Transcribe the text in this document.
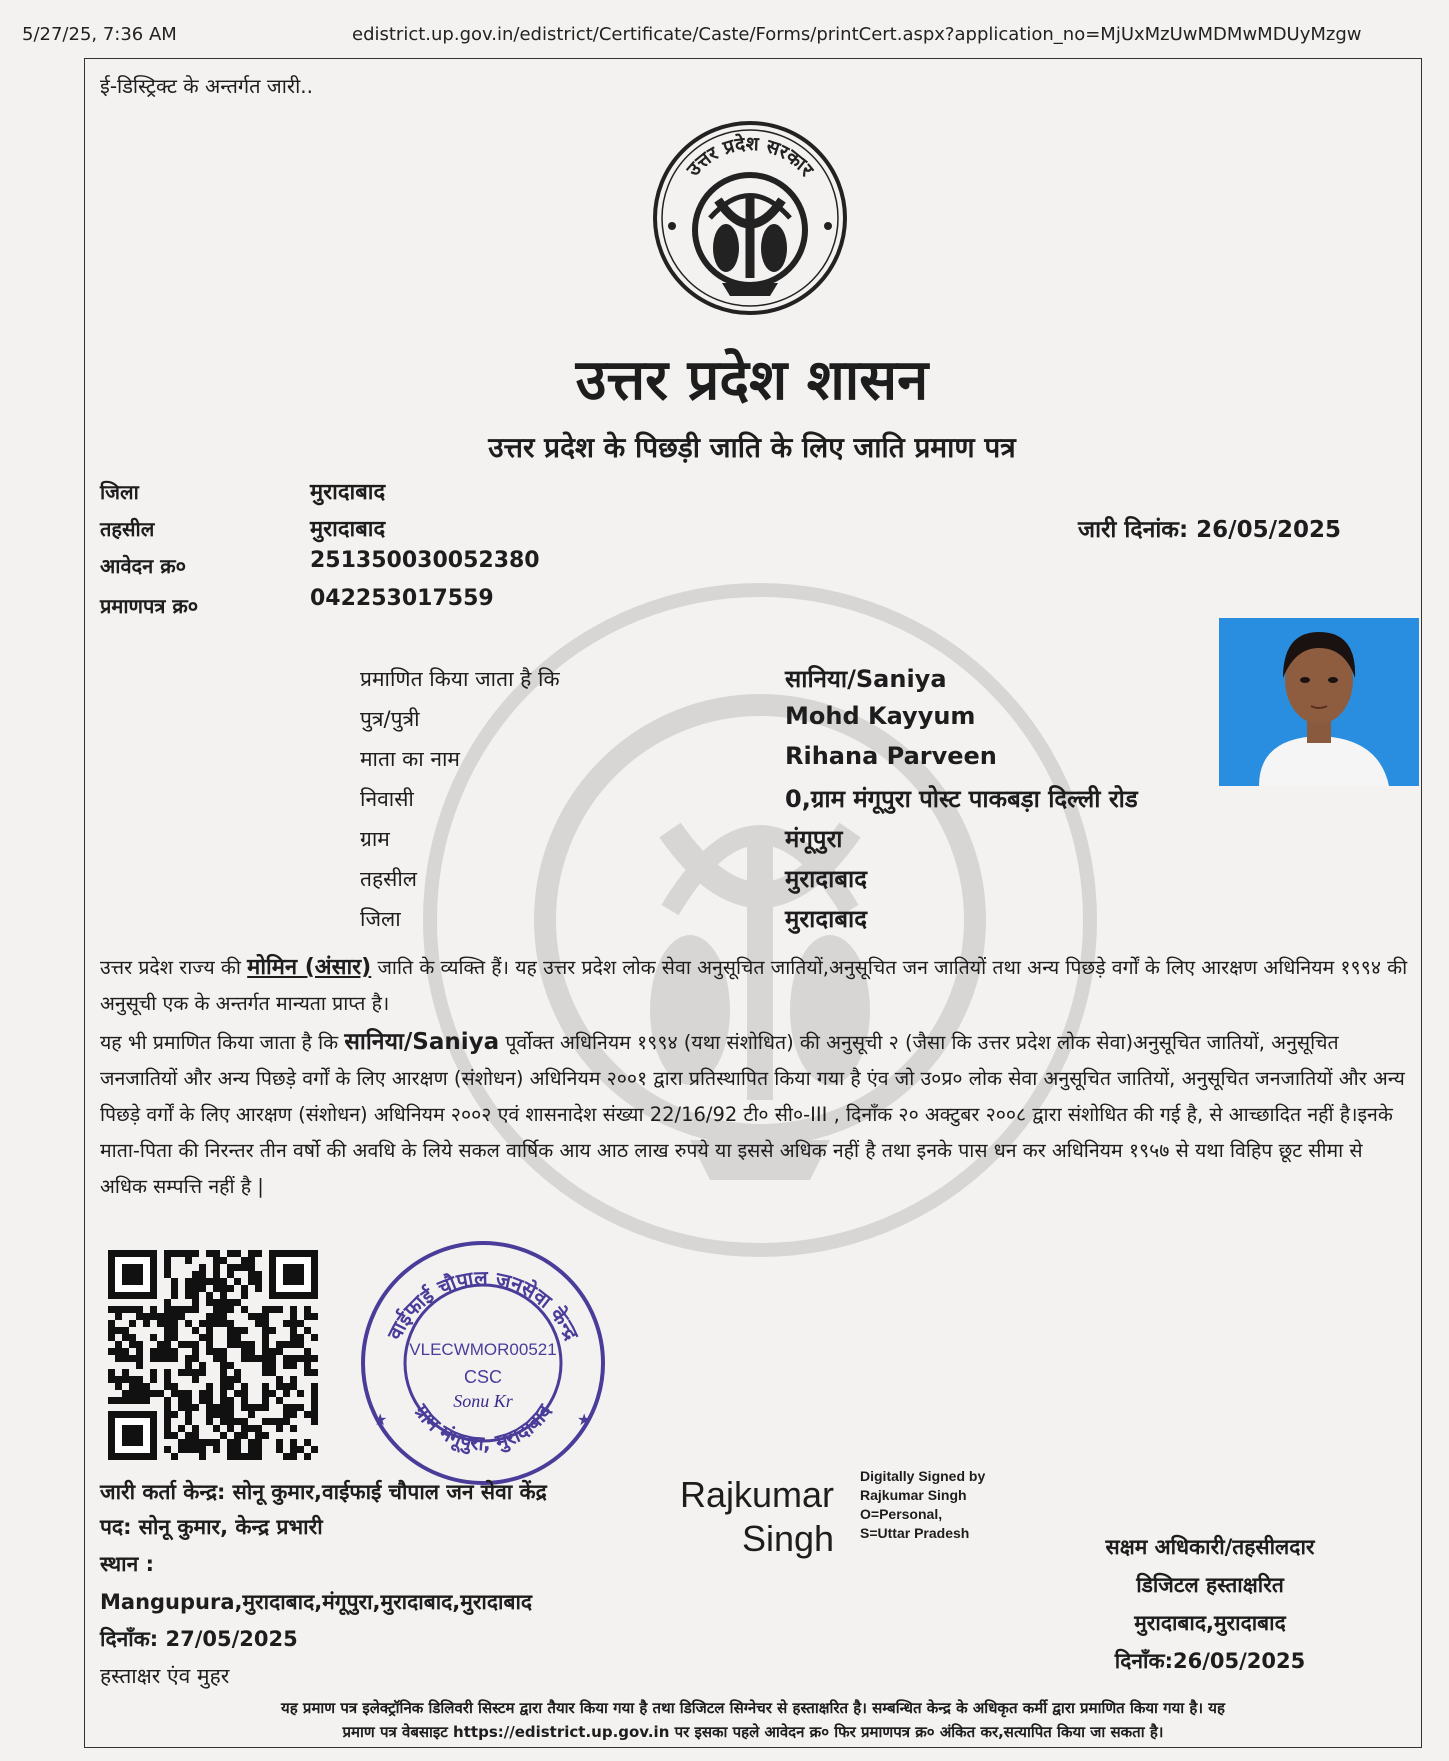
5/27/25, 7:36 AM	edistrict.up.gov.in/edistrict/Certificate/Caste/Forms/printCert.aspx?application_no=MjUxMzUwMDMwMDUyMzgw
ई-डिस्ट्रिक्ट के अन्तर्गत जारी..
उत्तर प्रदेश सरकार
उत्तर प्रदेश शासन
उत्तर प्रदेश के पिछड़ी जाति के लिए जाति प्रमाण पत्र
जिला	मुरादाबाद
तहसील	मुरादाबाद
आवेदन क्र०	251350030052380
प्रमाणपत्र क्र०	042253017559
जारी दिनांक: 26/05/2025
प्रमाणित किया जाता है कि	सानिया/Saniya
पुत्र/पुत्री	Mohd Kayyum
माता का नाम	Rihana Parveen
निवासी	0,ग्राम मंगूपुरा पोस्ट पाकबड़ा दिल्ली रोड
ग्राम	मंगूपुरा
तहसील	मुरादाबाद
जिला	मुरादाबाद
उत्तर प्रदेश राज्य की मोमिन (अंसार) जाति के व्यक्ति हैं। यह उत्तर प्रदेश लोक सेवा अनुसूचित जातियों,अनुसूचित जन जातियों तथा अन्य पिछड़े वर्गों के लिए आरक्षण अधिनियम १९९४ की अनुसूची एक के अन्तर्गत मान्यता प्राप्त है।
यह भी प्रमाणित किया जाता है कि सानिया/Saniya पूर्वोक्त अधिनियम १९९४ (यथा संशोधित) की अनुसूची २ (जैसा कि उत्तर प्रदेश लोक सेवा)अनुसूचित जातियों, अनुसूचित जनजातियों और अन्य पिछड़े वर्गों के लिए आरक्षण (संशोधन) अधिनियम २००१ द्वारा प्रतिस्थापित किया गया है एंव जो उ०प्र० लोक सेवा अनुसूचित जातियों, अनुसूचित जनजातियों और अन्य पिछड़े वर्गों के लिए आरक्षण (संशोधन) अधिनियम २००२ एवं शासनादेश संख्या 22/16/92 टी० सी०-III , दिनाँक २० अक्टुबर २००८ द्वारा संशोधित की गई है, से आच्छादित नहीं है।इनके माता-पिता की निरन्तर तीन वर्षो की अवधि के लिये सकल वार्षिक आय आठ लाख रुपये या इससे अधिक नहीं है तथा इनके पास धन कर अधिनियम १९५७ से यथा विहिप छूट सीमा से अधिक सम्पत्ति नहीं है |
वाईफाई चौपाल जनसेवा केन्द्र
ग्राम मंगूपुरा, मुरादाबाद
VLECWMOR00521
CSC
Sonu Kr
★	★
जारी कर्ता केन्द्र: सोनू कुमार,वाईफाई चौपाल जन सेवा केंद्र
पद: सोनू कुमार, केन्द्र प्रभारी
स्थान :
Mangupura,मुरादाबाद,मंगूपुरा,मुरादाबाद,मुरादाबाद
दिनाँक: 27/05/2025
हस्ताक्षर एंव मुहर
Rajkumar
Singh
Digitally Signed by
Rajkumar Singh
O=Personal,
S=Uttar Pradesh
सक्षम अधिकारी/तहसीलदार
डिजिटल हस्ताक्षरित
मुरादाबाद,मुरादाबाद
दिनाँक:26/05/2025
यह प्रमाण पत्र इलेक्ट्रॉनिक डिलिवरी सिस्टम द्वारा तैयार किया गया है तथा डिजिटल सिग्नेचर से हस्ताक्षरित है। सम्बन्धित केन्द्र के अधिकृत कर्मी द्वारा प्रमाणित किया गया है। यह
प्रमाण पत्र वेबसाइट https://edistrict.up.gov.in पर इसका पहले आवेदन क्र० फिर प्रमाणपत्र क्र० अंकित कर,सत्यापित किया जा सकता है।
